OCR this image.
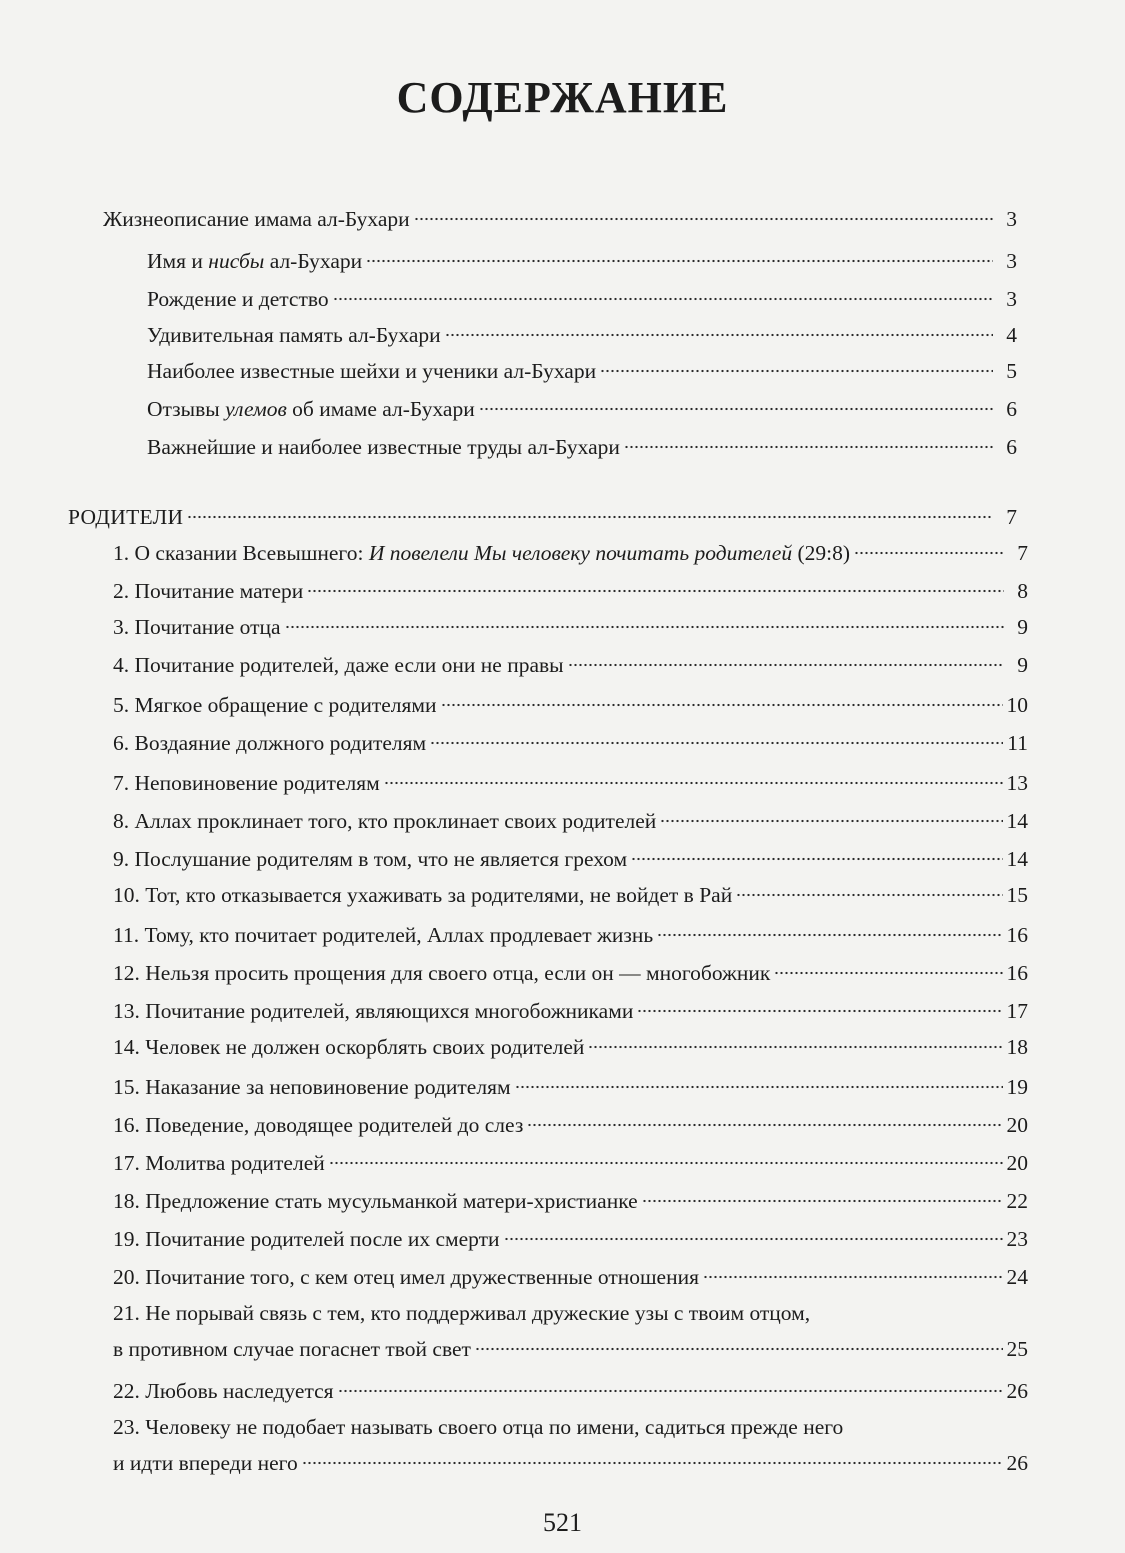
СОДЕРЖАНИЕ
Жизнеописание имама ал-Бухари	3
Имя и нисбы ал-Бухари	3
Рождение и детство	3
Удивительная память ал-Бухари	4
Наиболее известные шейхи и ученики ал-Бухари	5
Отзывы улемов об имаме ал-Бухари	6
Важнейшие и наиболее известные труды ал-Бухари	6
РОДИТЕЛИ	7
1. О сказании Всевышнего: И повелели Мы человеку почитать родителей (29:8)	7
2. Почитание матери	8
3. Почитание отца	9
4. Почитание родителей, даже если они не правы	9
5. Мягкое обращение с родителями	10
6. Воздаяние должного родителям	11
7. Неповиновение родителям	13
8. Аллах проклинает того, кто проклинает своих родителей	14
9. Послушание родителям в том, что не является грехом	14
10. Тот, кто отказывается ухаживать за родителями, не войдет в Рай	15
11. Тому, кто почитает родителей, Аллах продлевает жизнь	16
12. Нельзя просить прощения для своего отца, если он — многобожник	16
13. Почитание родителей, являющихся многобожниками	17
14. Человек не должен оскорблять своих родителей	18
15. Наказание за неповиновение родителям	19
16. Поведение, доводящее родителей до слез	20
17. Молитва родителей	20
18. Предложение стать мусульманкой матери-христианке	22
19. Почитание родителей после их смерти	23
20. Почитание того, с кем отец имел дружественные отношения	24
21. Не порывай связь с тем, кто поддерживал дружеские узы с твоим отцом,
в противном случае погаснет твой свет	25
22. Любовь наследуется	26
23. Человеку не подобает называть своего отца по имени, садиться прежде него
и идти впереди него	26
521
